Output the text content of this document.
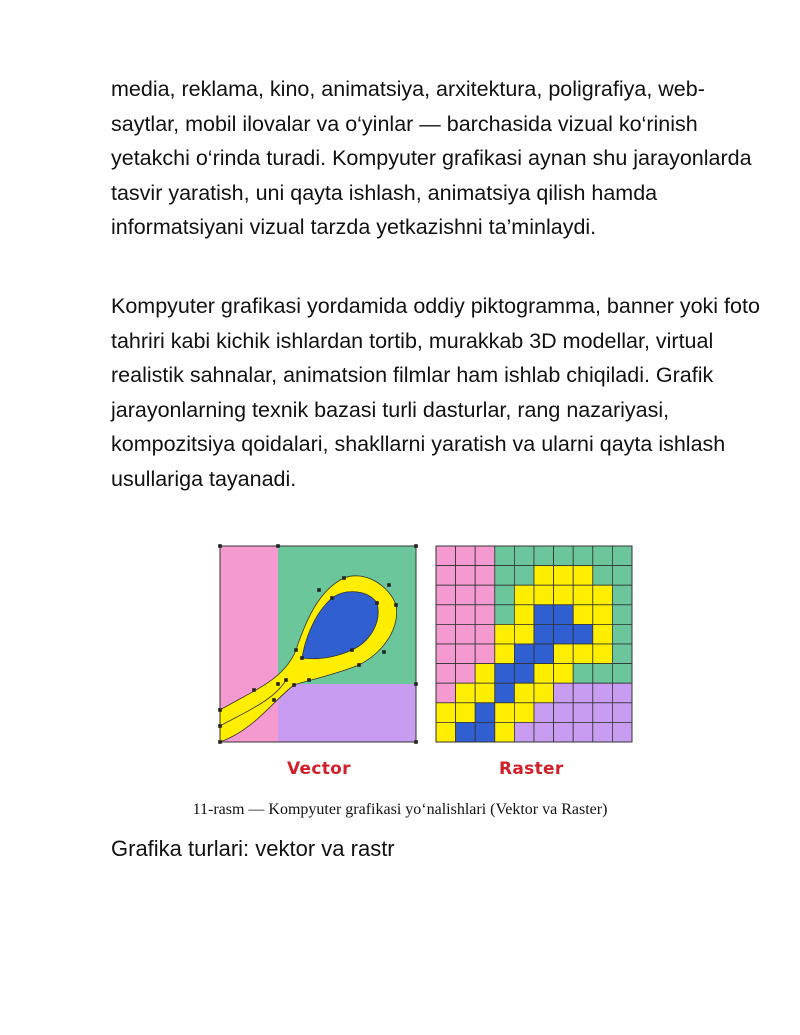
media, reklama, kino, animatsiya, arxitektura, poligrafiya, web-saytlar, mobil ilovalar va o‘yinlar — barchasida vizual ko‘rinish yetakchi o‘rinda turadi. Kompyuter grafikasi aynan shu jarayonlarda tasvir yaratish, uni qayta ishlash, animatsiya qilish hamda informatsiyani vizual tarzda yetkazishni ta’minlaydi.

Kompyuter grafikasi yordamida oddiy piktogramma, banner yoki foto tahriri kabi kichik ishlardan tortib, murakkab 3D modellar, virtual realistik sahnalar, animatsion filmlar ham ishlab chiqiladi. Grafik jarayonlarning texnik bazasi turli dasturlar, rang nazariyasi, kompozitsiya qoidalari, shakllarni yaratish va ularni qayta ishlash usullariga tayanadi.

Vector	Raster
11-rasm — Kompyuter grafikasi yo‘nalishlari (Vektor va Raster)
Grafika turlari: vektor va rastr
